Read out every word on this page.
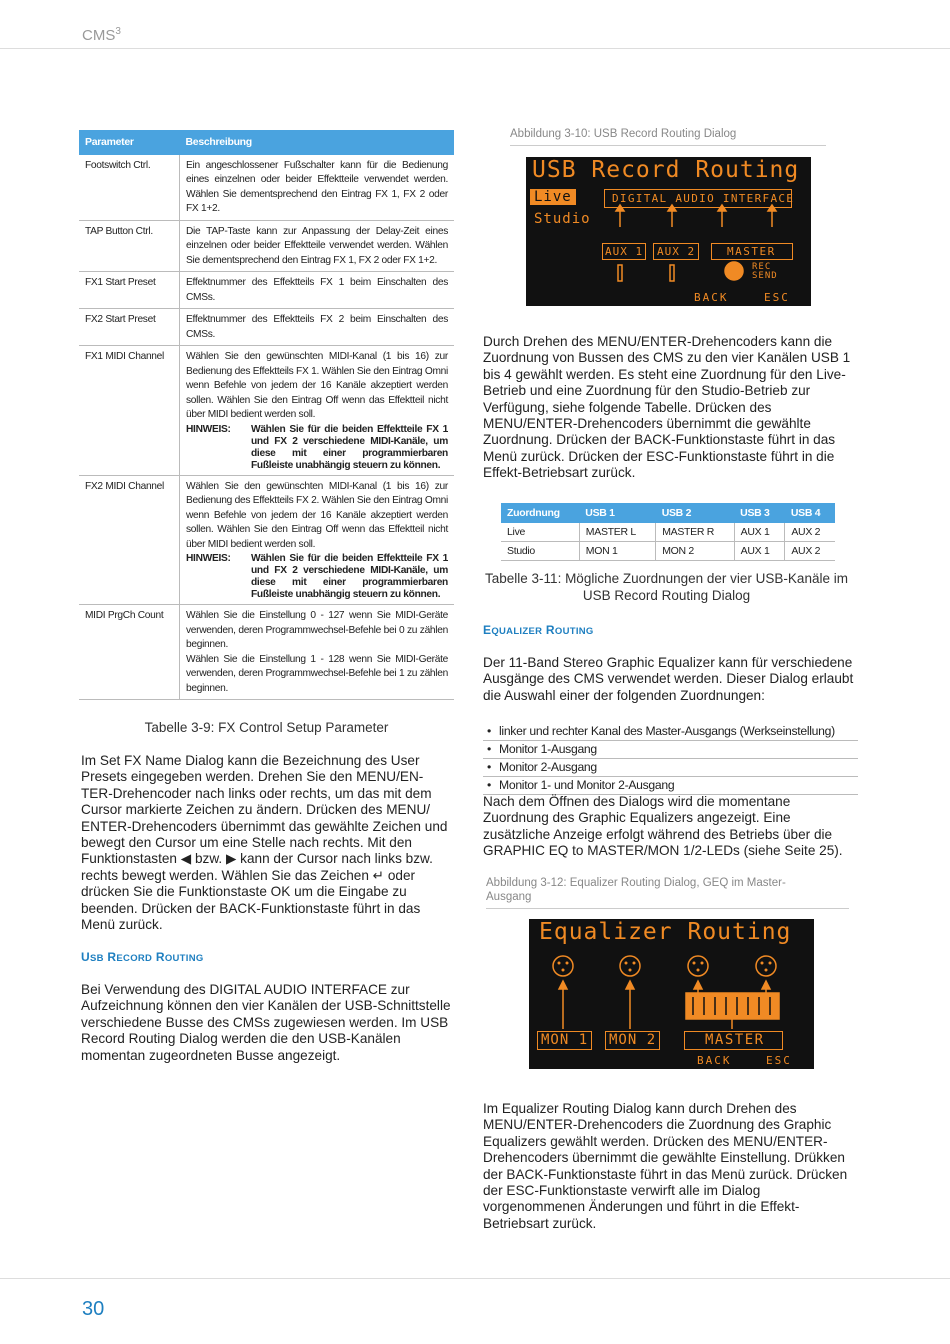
CMS$^3$
Parameter	Beschreibung
Footswitch Ctrl.	Ein angeschlossener Fußschalter kann für die Bedienung eines einzelnen oder beider Effektteile verwendet werden. Wählen Sie dementsprechend den Eintrag FX 1, FX 2 oder FX 1+2.
TAP Button Ctrl.	Die TAP-Taste kann zur Anpassung der Delay-Zeit eines einzelnen oder beider Effektteile verwendet werden. Wählen Sie dementsprechend den Eintrag FX 1, FX 2 oder FX 1+2.
FX1 Start Preset	Effektnummer des Effektteils FX 1 beim Einschalten des CMSs.
FX2 Start Preset	Effektnummer des Effektteils FX 2 beim Einschalten des CMSs.
FX1 MIDI Channel	Wählen Sie den gewünschten MIDI-Kanal (1 bis 16) zur Bedienung des Effektteils FX 1. Wählen Sie den Eintrag Omni wenn Befehle von jedem der 16 Kanäle akzeptiert werden sollen. Wählen Sie den Eintrag Off wenn das Effektteil nicht über MIDI bedient werden soll.
HINWEIS: Wählen Sie für die beiden Effektteile FX 1 und FX 2 verschiedene MIDI-Kanäle, um diese mit einer programmierbaren Fußleiste unabhängig steuern zu können.

FX2 MIDI Channel	Wählen Sie den gewünschten MIDI-Kanal (1 bis 16) zur Bedienung des Effektteils FX 2. Wählen Sie den Eintrag Omni wenn Befehle von jedem der 16 Kanäle akzeptiert werden sollen. Wählen Sie den Eintrag Off wenn das Effektteil nicht über MIDI bedient werden soll.
HINWEIS: Wählen Sie für die beiden Effektteile FX 1 und FX 2 verschiedene MIDI-Kanäle, um diese mit einer programmierbaren Fußleiste unabhängig steuern zu können.

MIDI PrgCh Count	Wählen Sie die Einstellung 0 - 127 wenn Sie MIDI-Geräte verwenden, deren Programmwechsel-Befehle bei 0 zu zählen beginnen.
Wählen Sie die Einstellung 1 - 128 wenn Sie MIDI-Geräte verwenden, deren Programmwechsel-Befehle bei 1 zu zählen beginnen.
Tabelle 3-9: FX Control Setup Parameter
Im Set FX Name Dialog kann die Bezeichnung des User Presets eingegeben werden. Drehen Sie den MENU/EN-TER-Drehencoder nach links oder rechts, um das mit dem Cursor markierte Zeichen zu ändern. Drücken des MENU/ ENTER-Drehencoders übernimmt das gewählte Zeichen und bewegt den Cursor um eine Stelle nach rechts. Mit den Funktionstasten ◀ bzw. ▶ kann der Cursor nach links bzw. rechts bewegt werden. Wählen Sie das Zeichen ↵ oder drücken Sie die Funktionstaste OK um die Eingabe zu beenden. Drücken der BACK-Funktionstaste führt in das Menü zurück.
USB RECORD ROUTING
Bei Verwendung des DIGITAL AUDIO INTERFACE zur Aufzeichnung können den vier Kanälen der USB-Schnittstelle verschiedene Busse des CMSs zugewiesen werden. Im USB Record Routing Dialog werden die den USB-Kanälen momentan zugeordneten Busse angezeigt.
Abbildung 3-10: USB Record Routing Dialog
USB Record Routing
Live
Studio
DIGITAL AUDIO INTERFACE
AUX 1 AUX 2	MASTER
REC
SEND
BACK	ESC
Durch Drehen des MENU/ENTER-Drehencoders kann die Zuordnung von Bussen des CMS zu den vier Kanälen USB 1 bis 4 gewählt werden. Es steht eine Zuordnung für den Live-Betrieb und eine Zuordnung für den Studio-Betrieb zur Verfügung, siehe folgende Tabelle. Drücken des MENU/ENTER-Drehencoders übernimmt die gewählte Zuordnung. Drücken der BACK-Funktionstaste führt in das Menü zurück. Drücken der ESC-Funktionstaste führt in die Effekt-Betriebsart zurück.
Zuordnung	USB 1	USB 2	USB 3	USB 4
Live	MASTER L	MASTER R	AUX 1	AUX 2
Studio	MON 1	MON 2	AUX 1	AUX 2
Tabelle 3-11: Mögliche Zuordnungen der vier USB-Kanäle im USB Record Routing Dialog
EQUALIZER ROUTING
Der 11-Band Stereo Graphic Equalizer kann für verschiedene Ausgänge des CMS verwendet werden. Dieser Dialog erlaubt die Auswahl einer der folgenden Zuordnungen:
• linker und rechter Kanal des Master-Ausgangs (Werkseinstellung)
• Monitor 1-Ausgang
• Monitor 2-Ausgang
• Monitor 1- und Monitor 2-Ausgang
Nach dem Öffnen des Dialogs wird die momentane Zuordnung des Graphic Equalizers angezeigt. Eine zusätzliche Anzeige erfolgt während des Betriebs über die GRAPHIC EQ to MASTER/MON 1/2-LEDs (siehe Seite 25).
Abbildung 3-12: Equalizer Routing Dialog, GEQ im Master-Ausgang
Equalizer Routing
MON 1 MON 2	MASTER
BACK	ESC
Im Equalizer Routing Dialog kann durch Drehen des MENU/ENTER-Drehencoders die Zuordnung des Graphic Equalizers gewählt werden. Drücken des MENU/ENTER-Drehencoders übernimmt die gewählte Einstellung. Drükken der BACK-Funktionstaste führt in das Menü zurück. Drücken der ESC-Funktionstaste verwirft alle im Dialog vorgenommenen Änderungen und führt in die Effekt-Betriebsart zurück.
30
